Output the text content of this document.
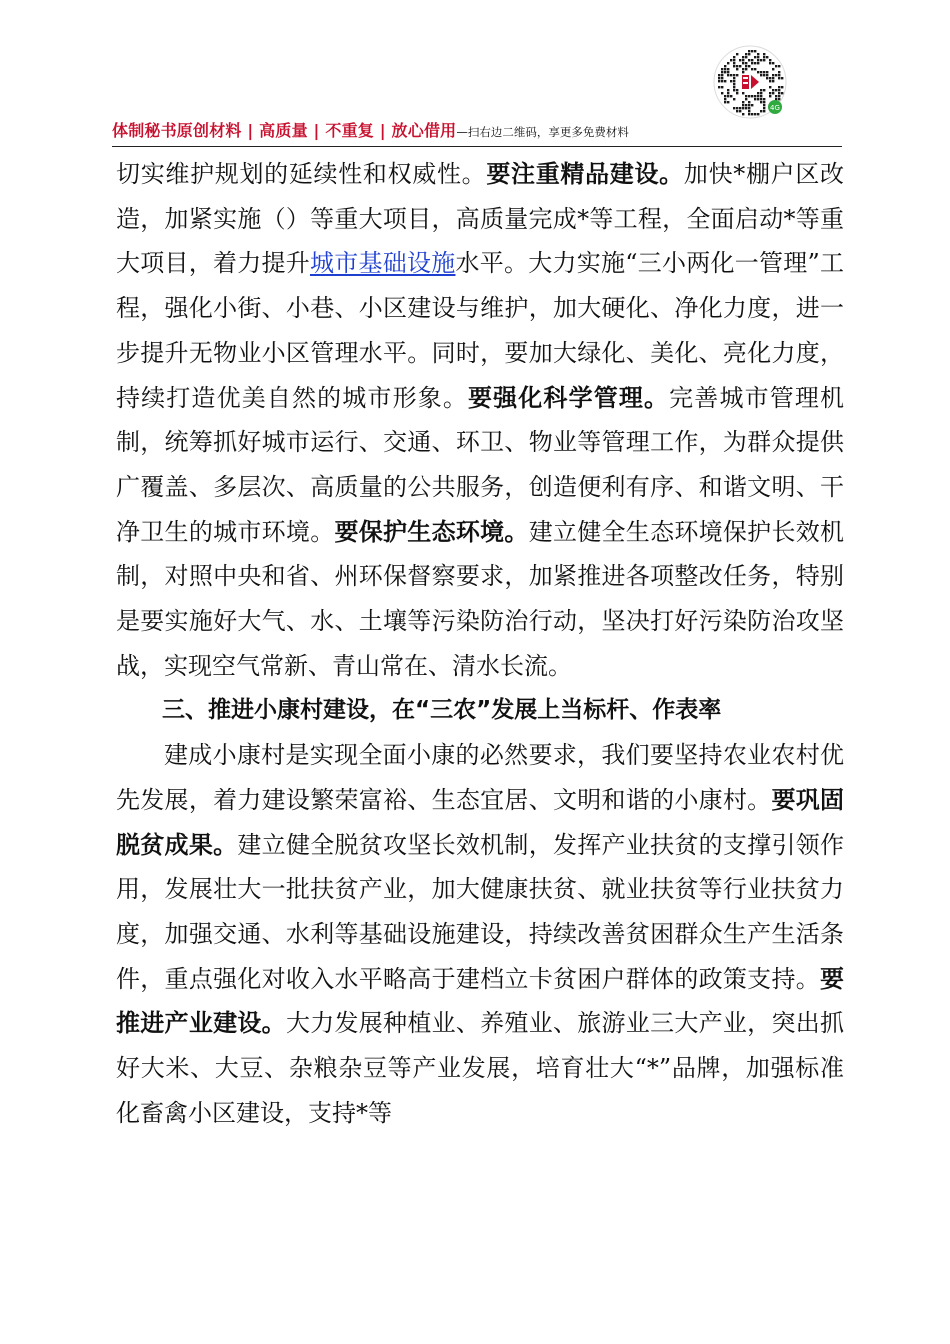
4G
体制秘书原创材料 | 高质量 | 不重复 | 放心借用—扫右边二维码，享更多免费材料

切实维护规划的延续性和权威性。要注重精品建设。加快*棚户区改造，加紧实施（）等重大项目，高质量完成*等工程，全面启动*等重大项目，着力提升城市基础设施水平。大力实施“三小两化一管理”工程，强化小街、小巷、小区建设与维护，加大硬化、净化力度，进一步提升无物业小区管理水平。同时，要加大绿化、美化、亮化力度，持续打造优美自然的城市形象。要强化科学管理。完善城市管理机制，统筹抓好城市运行、交通、环卫、物业等管理工作，为群众提供广覆盖、多层次、高质量的公共服务，创造便利有序、和谐文明、干净卫生的城市环境。要保护生态环境。建立健全生态环境保护长效机制，对照中央和省、州环保督察要求，加紧推进各项整改任务，特别是要实施好大气、水、土壤等污染防治行动，坚决打好污染防治攻坚战，实现空气常新、青山常在、清水长流。

三、推进小康村建设，在“三农”发展上当标杆、作表率

建成小康村是实现全面小康的必然要求，我们要坚持农业农村优先发展，着力建设繁荣富裕、生态宜居、文明和谐的小康村。要巩固脱贫成果。建立健全脱贫攻坚长效机制，发挥产业扶贫的支撑引领作用，发展壮大一批扶贫产业，加大健康扶贫、就业扶贫等行业扶贫力度，加强交通、水利等基础设施建设，持续改善贫困群众生产生活条件，重点强化对收入水平略高于建档立卡贫困户群体的政策支持。要推进产业建设。大力发展种植业、养殖业、旅游业三大产业，突出抓好大米、大豆、杂粮杂豆等产业发展，培育壮大“*”品牌，加强标准化畜禽小区建设，支持*等
